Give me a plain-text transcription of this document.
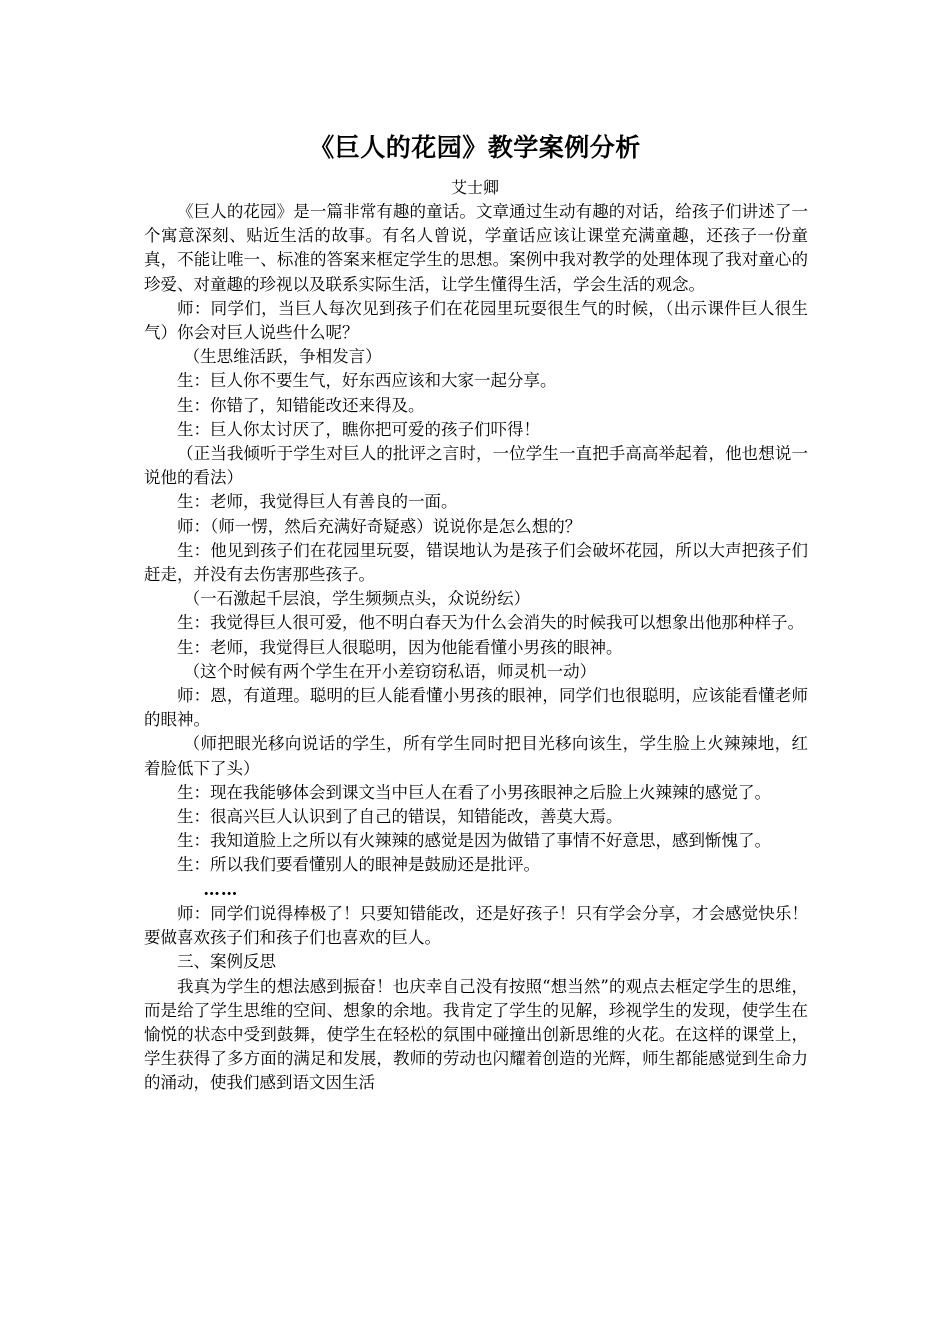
《巨人的花园》教学案例分析
艾士卿

《巨人的花园》是一篇非常有趣的童话。文章通过生动有趣的对话，给孩子们讲述了一个寓意深刻、贴近生活的故事。有名人曾说，学童话应该让课堂充满童趣，还孩子一份童真，不能让唯一、标准的答案来框定学生的思想。案例中我对教学的处理体现了我对童心的珍爱、对童趣的珍视以及联系实际生活，让学生懂得生活，学会生活的观念。

师：同学们，当巨人每次见到孩子们在花园里玩耍很生气的时候，（出示课件巨人很生气）你会对巨人说些什么呢？

（生思维活跃，争相发言）

生：巨人你不要生气，好东西应该和大家一起分享。

生：你错了，知错能改还来得及。

生：巨人你太讨厌了，瞧你把可爱的孩子们吓得！

（正当我倾听于学生对巨人的批评之言时，一位学生一直把手高高举起着，他也想说一说他的看法）

生：老师，我觉得巨人有善良的一面。

师：（师一愣，然后充满好奇疑惑）说说你是怎么想的？

生：他见到孩子们在花园里玩耍，错误地认为是孩子们会破坏花园，所以大声把孩子们赶走，并没有去伤害那些孩子。

（一石激起千层浪，学生频频点头，众说纷纭）

生：我觉得巨人很可爱，他不明白春天为什么会消失的时候我可以想象出他那种样子。

生：老师，我觉得巨人很聪明，因为他能看懂小男孩的眼神。

（这个时候有两个学生在开小差窃窃私语，师灵机一动）

师：恩，有道理。聪明的巨人能看懂小男孩的眼神，同学们也很聪明，应该能看懂老师的眼神。

（师把眼光移向说话的学生，所有学生同时把目光移向该生，学生脸上火辣辣地，红着脸低下了头）

生：现在我能够体会到课文当中巨人在看了小男孩眼神之后脸上火辣辣的感觉了。

生：很高兴巨人认识到了自己的错误，知错能改，善莫大焉。

生：我知道脸上之所以有火辣辣的感觉是因为做错了事情不好意思，感到惭愧了。

生：所以我们要看懂别人的眼神是鼓励还是批评。

……

师：同学们说得棒极了！只要知错能改，还是好孩子！只有学会分享，才会感觉快乐！要做喜欢孩子们和孩子们也喜欢的巨人。

三、案例反思

我真为学生的想法感到振奋！也庆幸自己没有按照“想当然”的观点去框定学生的思维，而是给了学生思维的空间、想象的余地。我肯定了学生的见解，珍视学生的发现，使学生在愉悦的状态中受到鼓舞，使学生在轻松的氛围中碰撞出创新思维的火花。在这样的课堂上，学生获得了多方面的满足和发展，教师的劳动也闪耀着创造的光辉，师生都能感觉到生命力的涌动，使我们感到语文因生活
